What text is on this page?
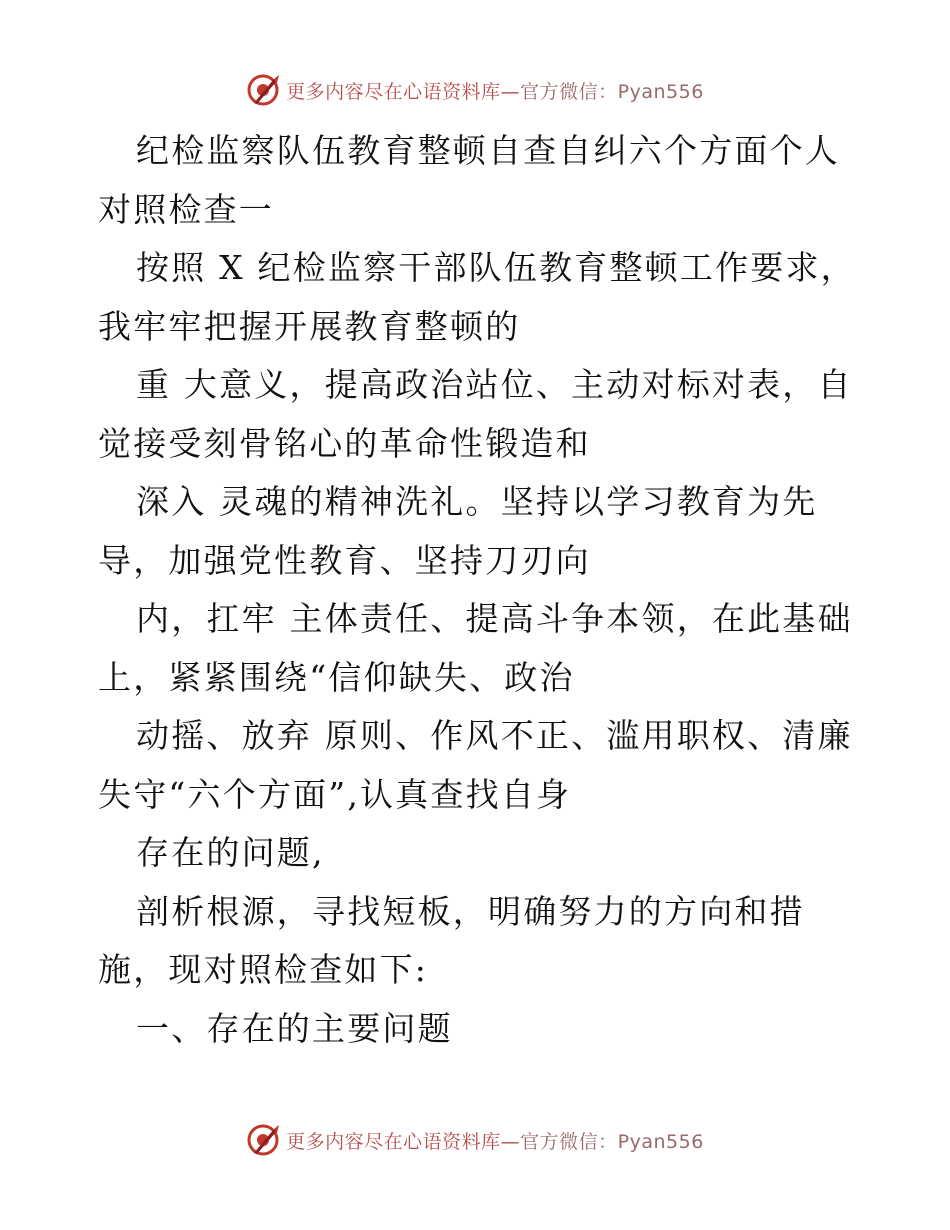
更多内容尽在心语资料库—官方微信：Pyan556

纪检监察队伍教育整顿自查自纠六个方面个人对照检查一

按照 X 纪检监察干部队伍教育整顿工作要求，我牢牢把握开展教育整顿的

重 大意义，提高政治站位、主动对标对表，自觉接受刻骨铭心的革命性锻造和

深入 灵魂的精神洗礼。坚持以学习教育为先导，加强党性教育、坚持刀刃向

内，扛牢 主体责任、提高斗争本领，在此基础上，紧紧围绕“信仰缺失、政治

动摇、放弃 原则、作风不正、滥用职权、清廉失守“六个方面”,认真查找自身

存在的问题,

剖析根源，寻找短板，明确努力的方向和措施，现对照检查如下:

一、存在的主要问题

更多内容尽在心语资料库—官方微信：Pyan556
